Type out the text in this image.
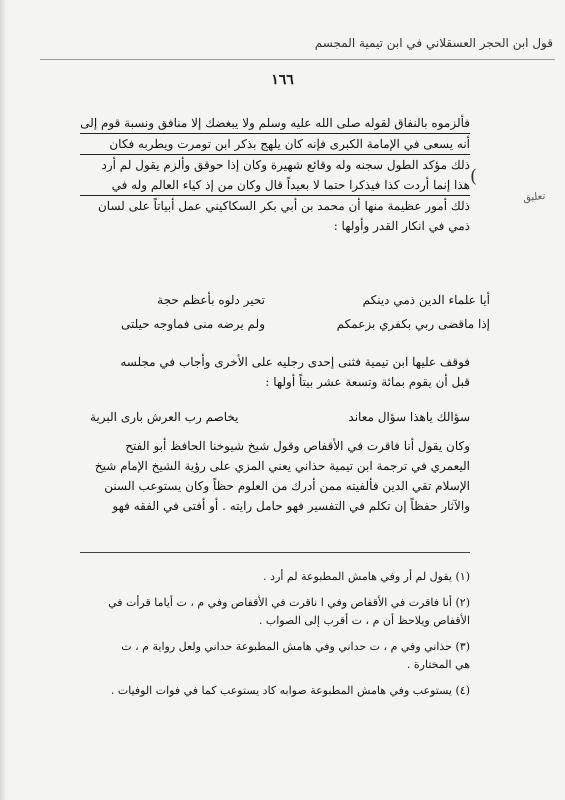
قول ابن الحجر العسقلاني في ابن تيمية المجسم
١٦٦
(
تعليق
فألزموه بالنفاق لقوله صلى الله عليه وسلم ولا يبغضك إلا منافق ونسبة قوم إلى
أنه يسعى في الإمامة الكبرى فإنه كان يلهج بذكر ابن تومرت ويطربه فكان
ذلك مؤكد الطول سجنه وله وقائع شهيرة وكان إذا حوقق وألزم يقول لم أرد
هذا إنما أردت كذا فيذكرا حتما لا بعيداً قال وكان من إذ كياء العالم وله في
ذلك أمور عظيمة منها أن محمد بن أبي بكر السكاكيني عمل أبياتاً على لسان
ذمي في انكار القدر وأولها :
أيا علماء الدين ذمي دينكم
تحير دلوه بأعظم حجة
إذا ماقضى ربي بكفري بزعمكم
ولم يرضه منى فماوجه حيلتى
فوقف عليها ابن تيمية فثنى إحدى رجليه على الأخرى وأجاب في مجلسه
قبل أن يقوم بمائة وتسعة عشر بيتاً أولها :
سؤالك ياهذا سؤال معاند
يخاصم رب العرش بارى البرية
وكان يقول أنا فاقرت في الأقفاص وقول شيخ شيوخنا الحافظ أبو الفتح
اليعمري في ترجمة ابن تيمية حذاني يعني المزي على رؤية الشيخ الإمام شيخ
الإسلام تقي الدين فألفيته ممن أدرك من العلوم حظاً وكان يستوعب السنن
والآثار حفظاً إن تكلم في التفسير فهو حامل رايته . أو أفتى في الفقه فهو
(١) يقول لم أر وفي هامش المطبوعة لم أرد .
(٢) أنا فاقرت في الأقفاص وفي ا ناقرت في الأقفاص وفي م ، ت أياما قرأت في
الأقفاص ويلاحظ أن م ، ت أقرب إلى الصواب .
(٣) حذاني وفي م ، ت حداني وفي هامش المطبوعة حداني ولعل رواية م ، ت
هي المختارة .
(٤) يستوعب وفي هامش المطبوعة صوابه كاد يستوعب كما في فوات الوفيات .
